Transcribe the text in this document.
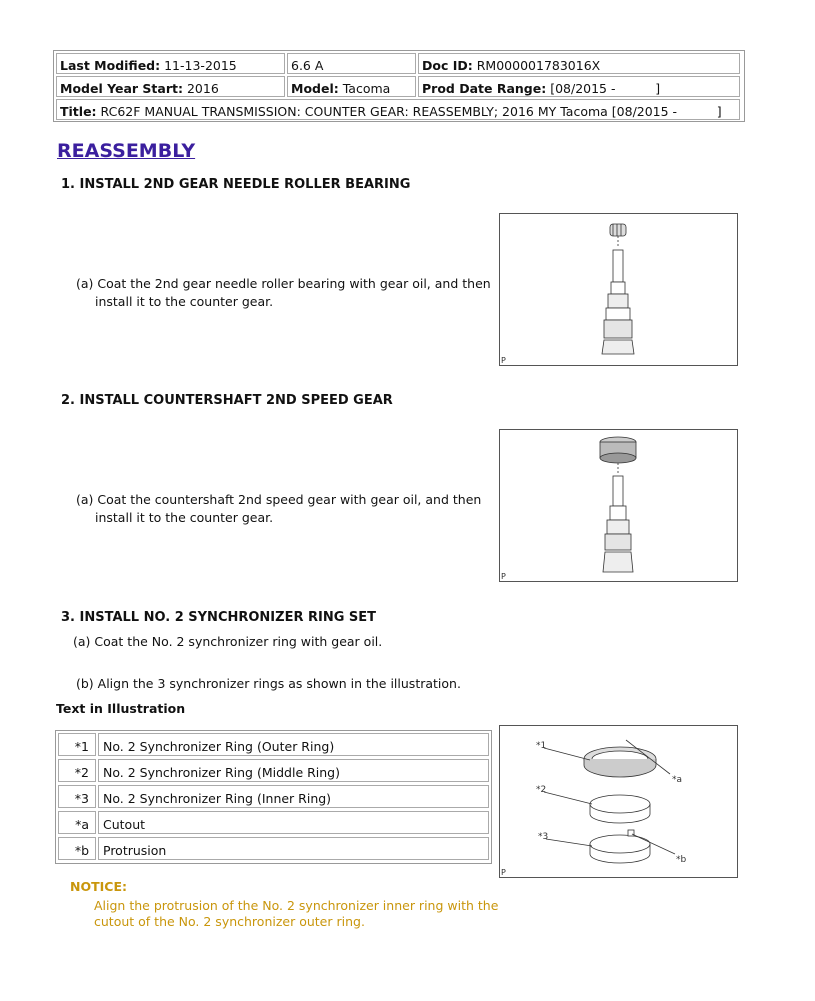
Last Modified: 11-13-2015	6.6 A	Doc ID: RM000001783016X
Model Year Start: 2016	Model: Tacoma	Prod Date Range: [08/2015 -          ]
Title: RC62F MANUAL TRANSMISSION: COUNTER GEAR: REASSEMBLY; 2016 MY Tacoma [08/2015 -          ]
REASSEMBLY
1. INSTALL 2ND GEAR NEEDLE ROLLER BEARING
(a) Coat the 2nd gear needle roller bearing with gear oil, and then
install it to the counter gear.
P
2. INSTALL COUNTERSHAFT 2ND SPEED GEAR
(a) Coat the countershaft 2nd speed gear with gear oil, and then
install it to the counter gear.
P
3. INSTALL NO. 2 SYNCHRONIZER RING SET
(a) Coat the No. 2 synchronizer ring with gear oil.
(b) Align the 3 synchronizer rings as shown in the illustration.
Text in Illustration
*1	No. 2 Synchronizer Ring (Outer Ring)
*2	No. 2 Synchronizer Ring (Middle Ring)
*3	No. 2 Synchronizer Ring (Inner Ring)
*a	Cutout
*b	Protrusion
*1
*a
*2
*3
*b
P
NOTICE:
Align the protrusion of the No. 2 synchronizer inner ring with the
cutout of the No. 2 synchronizer outer ring.
